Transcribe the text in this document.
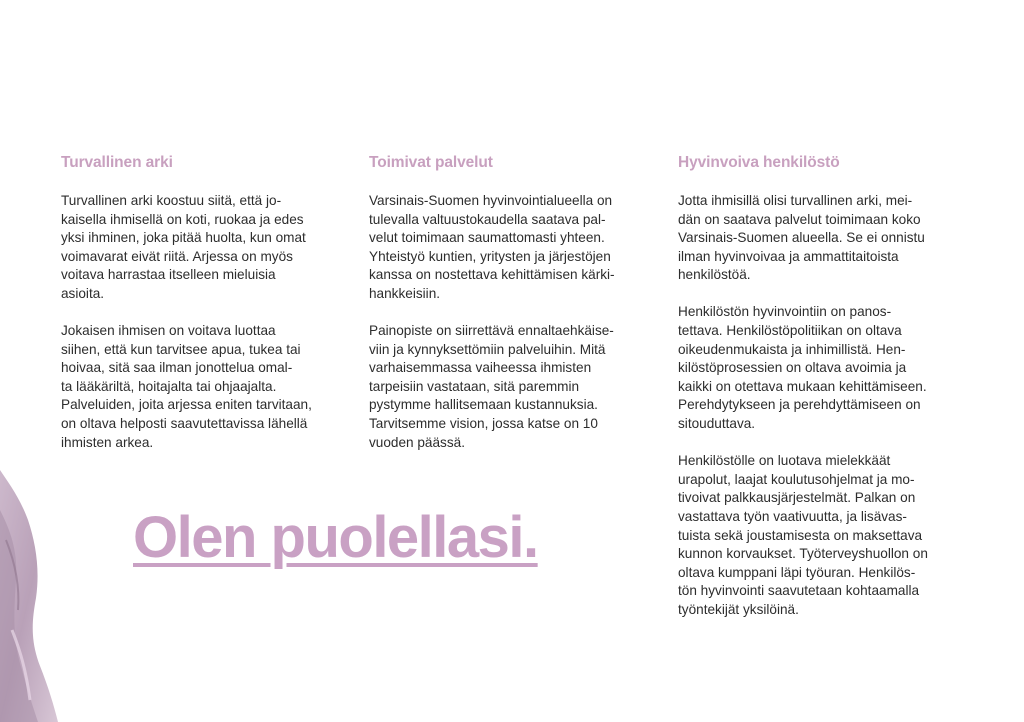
Turvallinen arki

Turvallinen arki koostuu siitä, että jo-
kaisella ihmisellä on koti, ruokaa ja edes
yksi ihminen, joka pitää huolta, kun omat
voimavarat eivät riitä. Arjessa on myös
voitava harrastaa itselleen mieluisia
asioita.

Jokaisen ihmisen on voitava luottaa
siihen, että kun tarvitsee apua, tukea tai
hoivaa, sitä saa ilman jonottelua omal-
ta lääkäriltä, hoitajalta tai ohjaajalta.
Palveluiden, joita arjessa eniten tarvitaan,
on oltava helposti saavutettavissa lähellä
ihmisten arkea.

Toimivat palvelut

Varsinais-Suomen hyvinvointialueella on
tulevalla valtuustokaudella saatava pal-
velut toimimaan saumattomasti yhteen.
Yhteistyö kuntien, yritysten ja järjestöjen
kanssa on nostettava kehittämisen kärki-
hankkeisiin.

Painopiste on siirrettävä ennaltaehkäise-
viin ja kynnyksettömiin palveluihin. Mitä
varhaisemmassa vaiheessa ihmisten
tarpeisiin vastataan, sitä paremmin
pystymme hallitsemaan kustannuksia.
Tarvitsemme vision, jossa katse on 10
vuoden päässä.

Hyvinvoiva henkilöstö

Jotta ihmisillä olisi turvallinen arki, mei-
dän on saatava palvelut toimimaan koko
Varsinais-Suomen alueella. Se ei onnistu
ilman hyvinvoivaa ja ammattitaitoista
henkilöstöä.

Henkilöstön hyvinvointiin on panos-
tettava. Henkilöstöpolitiikan on oltava
oikeudenmukaista ja inhimillistä. Hen-
kilöstöprosessien on oltava avoimia ja
kaikki on otettava mukaan kehittämiseen.
Perehdytykseen ja perehdyttämiseen on
sitouduttava.

Henkilöstölle on luotava mielekkäät
urapolut, laajat koulutusohjelmat ja mo-
tivoivat palkkausjärjestelmät. Palkan on
vastattava työn vaativuutta, ja lisävas-
tuista sekä joustamisesta on maksettava
kunnon korvaukset. Työterveyshuollon on
oltava kumppani läpi työuran. Henkilös-
tön hyvinvointi saavutetaan kohtaamalla
työntekijät yksilöinä.

Olen puolellasi.
